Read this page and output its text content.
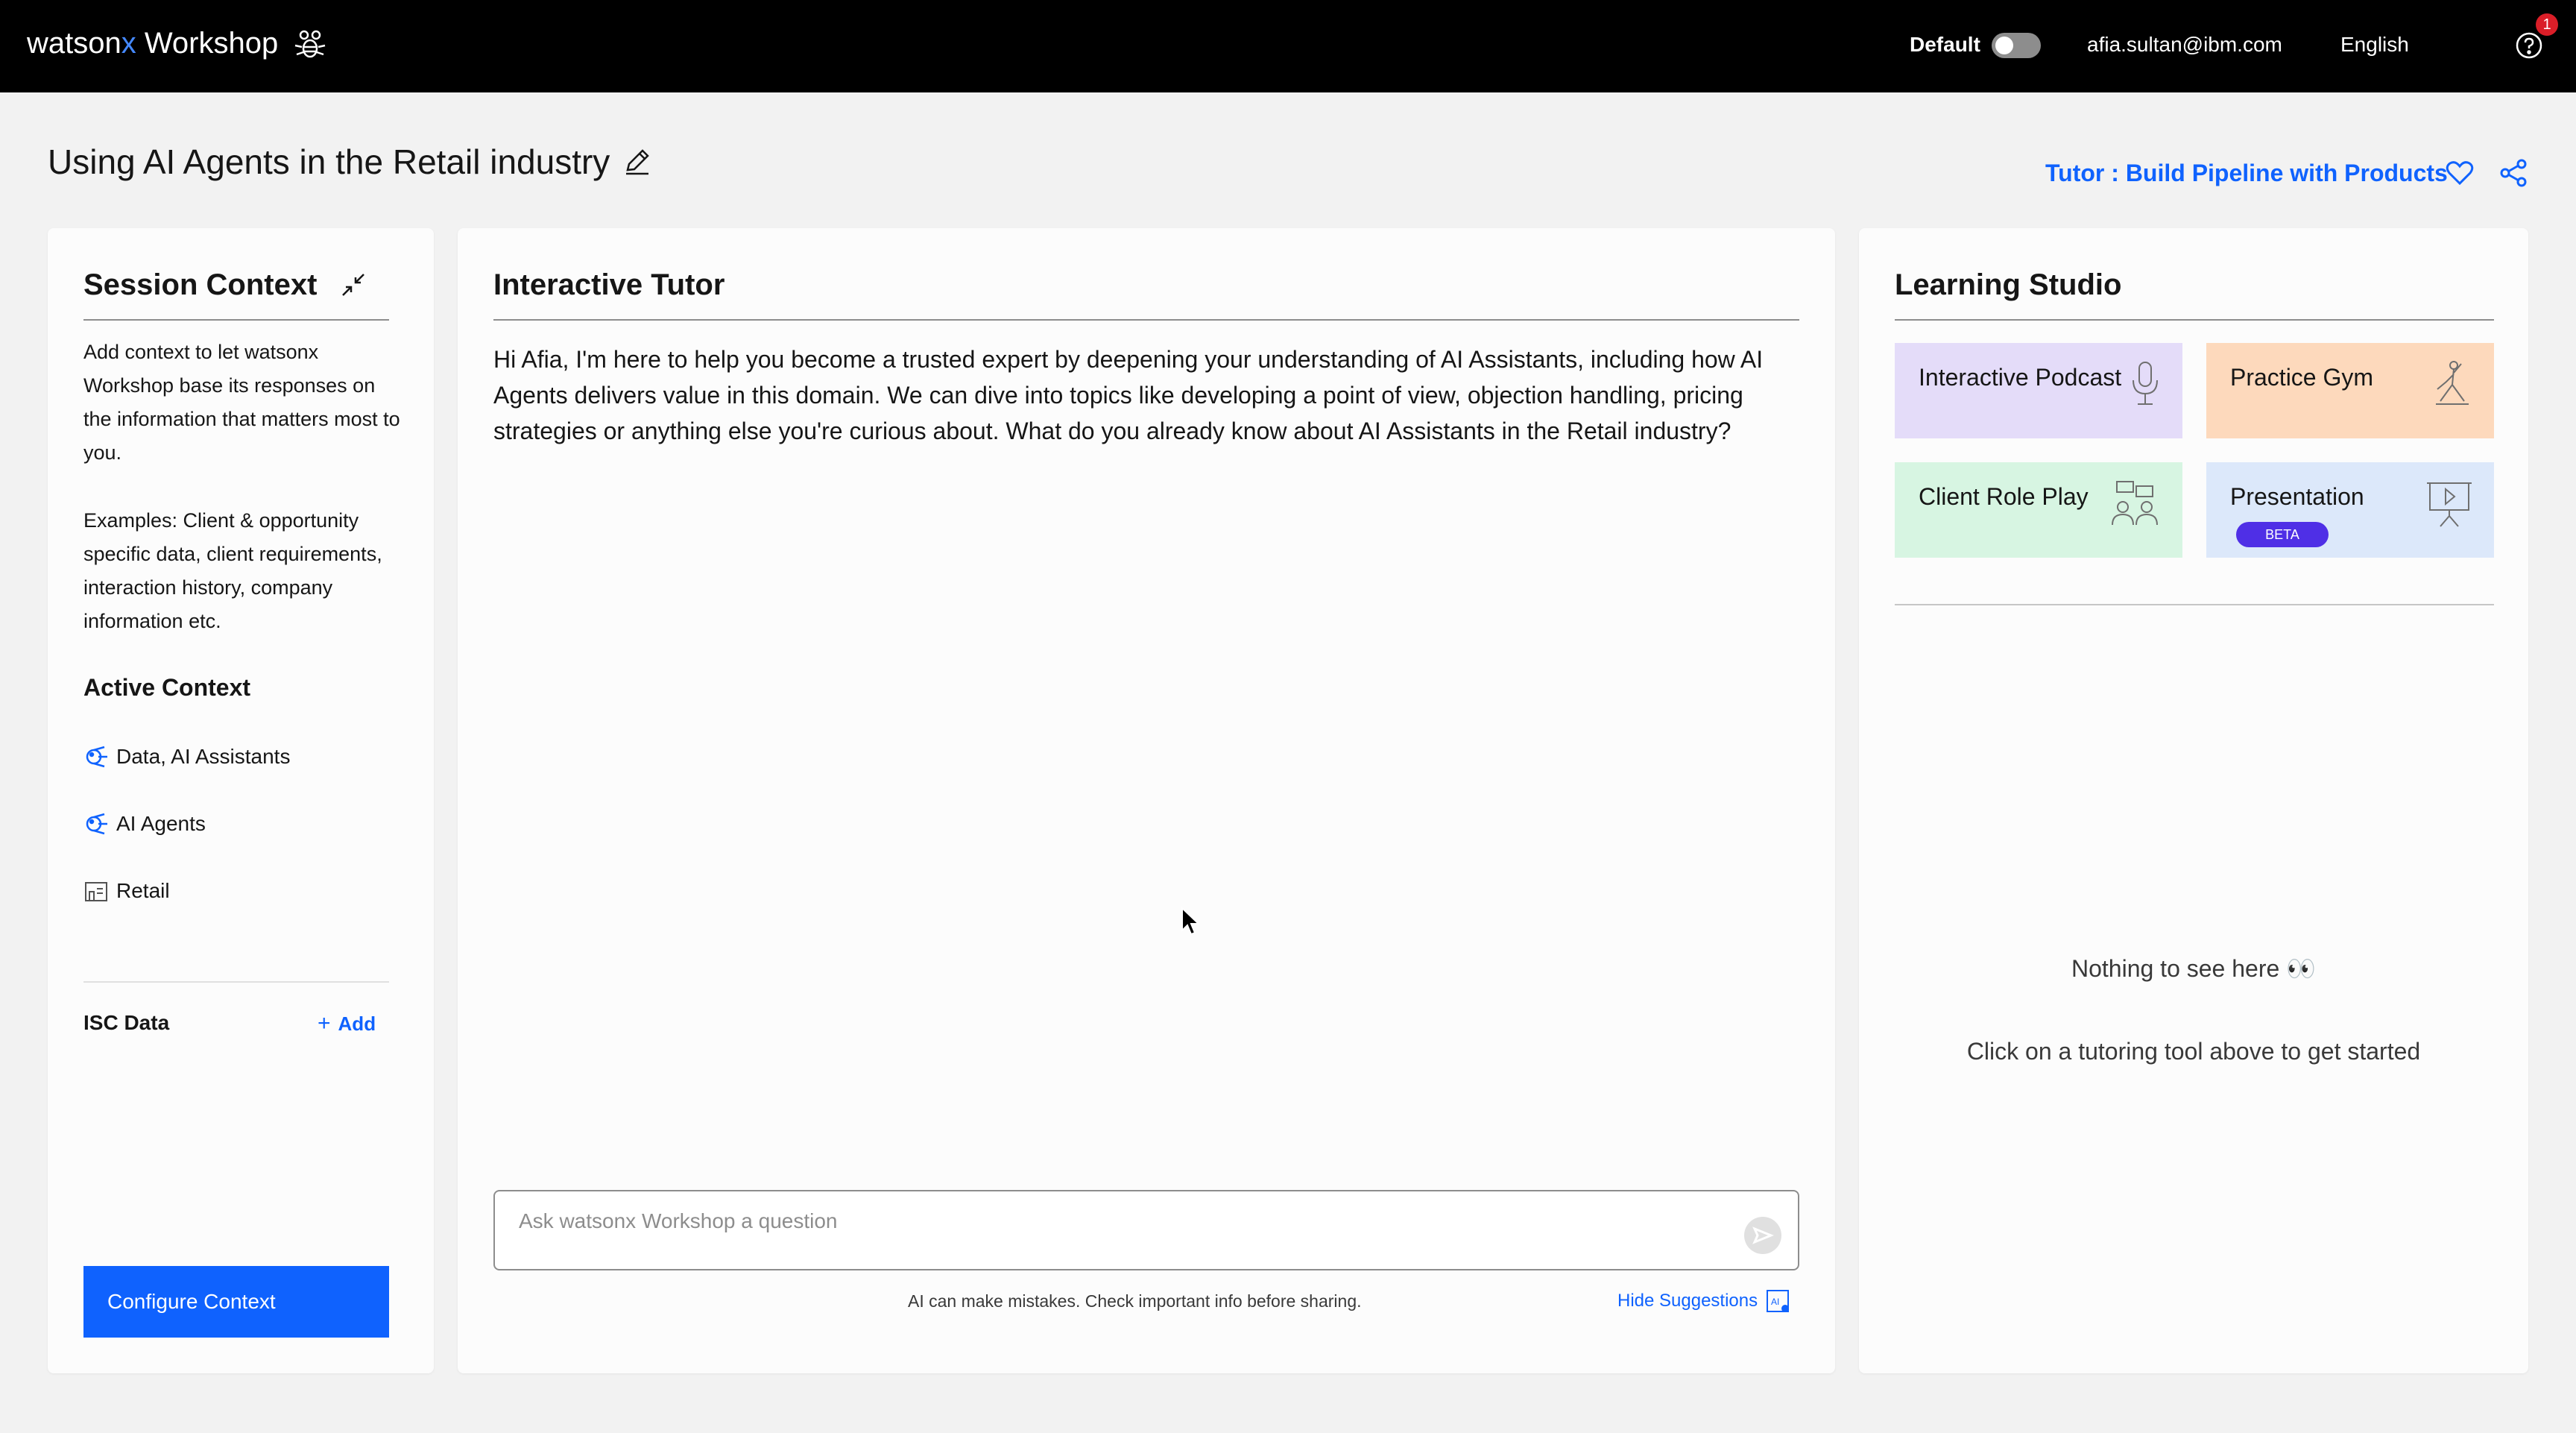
watson x Workshop	Default	afia.sultan@ibm.com	English
1
Using AI Agents in the Retail industry	Tutor : Build Pipeline with Products
Session Context
Add context to let watsonx Workshop base its responses on the information that matters most to you.
Examples: Client & opportunity specific data, client requirements, interaction history, company information etc.
Active Context
Data, AI Assistants
AI Agents
Retail
ISC Data	+ Add
Configure Context
Interactive Tutor
Hi Afia, I'm here to help you become a trusted expert by deepening your understanding of AI Assistants, including how AI Agents delivers value in this domain. We can dive into topics like developing a point of view, objection handling, pricing strategies or anything else you're curious about. What do you already know about AI Assistants in the Retail industry?
Ask watsonx Workshop a question
AI can make mistakes. Check important info before sharing.	Hide Suggestions AI
Learning Studio
Interactive Podcast	Practice Gym
Client Role Play	Presentation
BETA
Nothing to see here 👀
Click on a tutoring tool above to get started
